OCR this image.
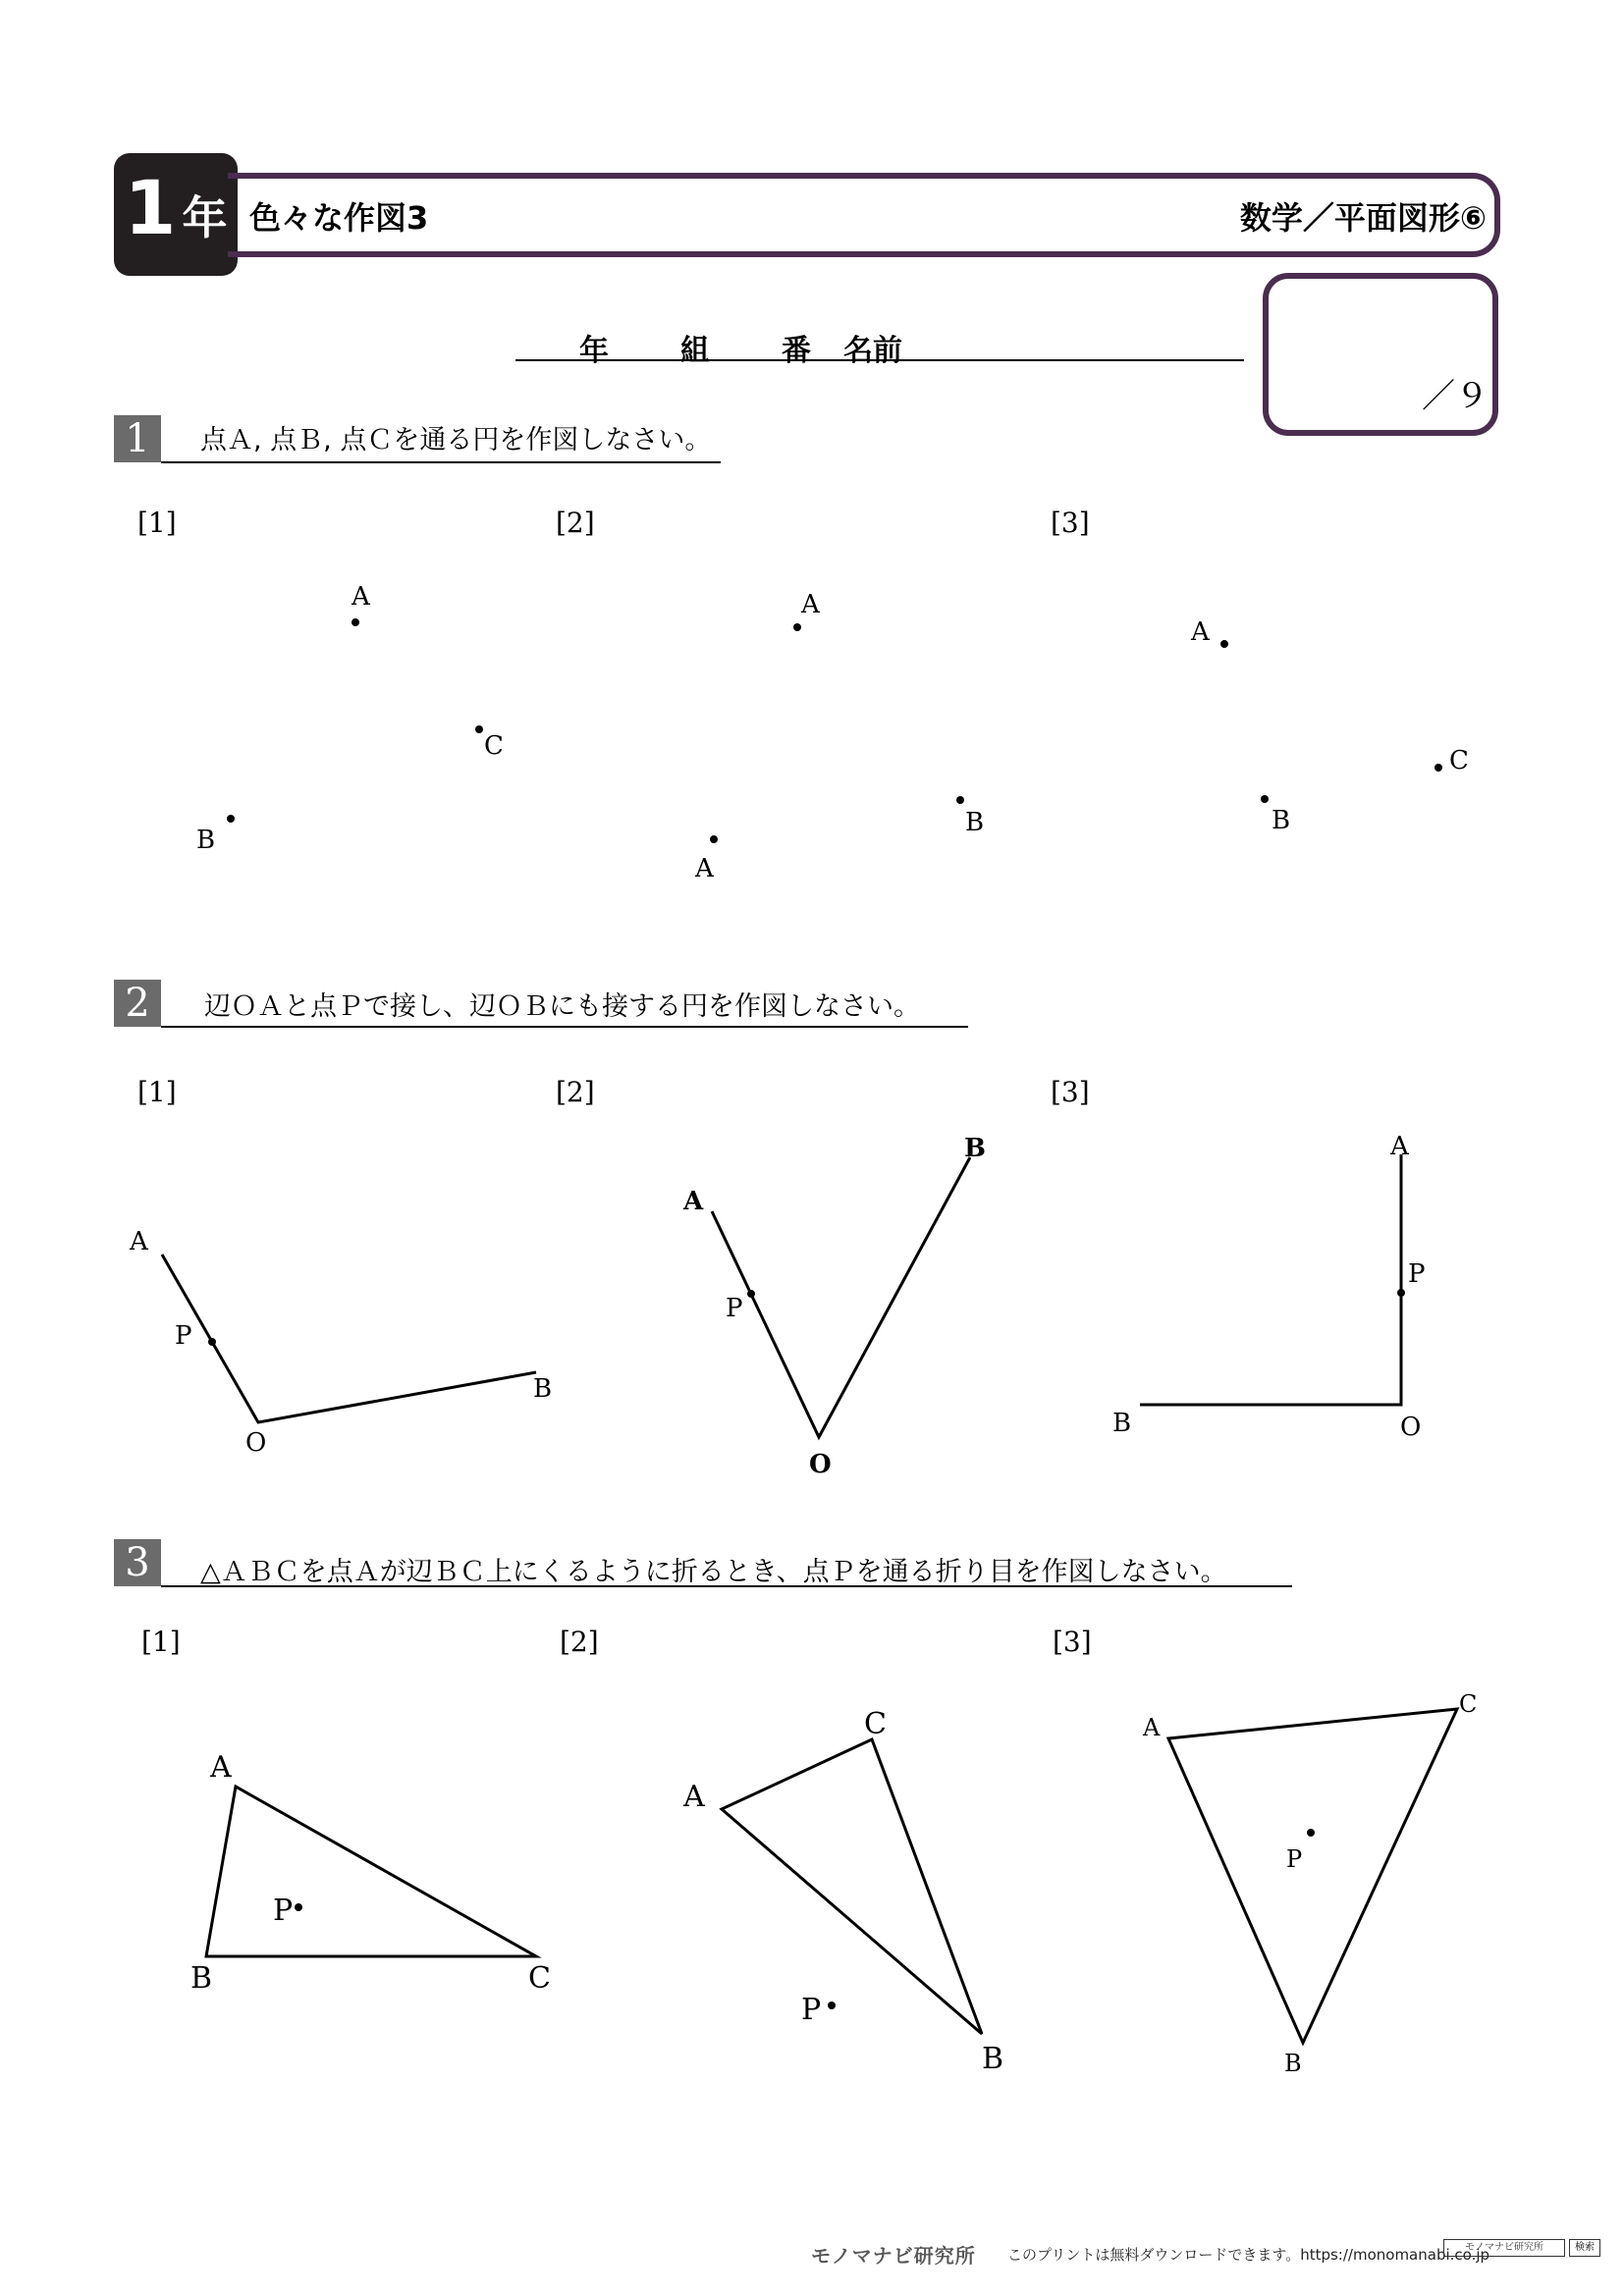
1 年 色々な作図3	数学／平面図形⑥
年 組 番 名前
／９
1	点Ａ, 点Ｂ, 点Ｃを通る円を作図しなさい。
[1]	[2]	[3]
2	辺ＯＡと点Ｐで接し、辺ＯＢにも接する円を作図しなさい。
[1]	[2]	[3]
3	△ＡＢＣを点Ａが辺ＢＣ上にくるように折るとき、点Ｐを通る折り目を作図しなさい。
[1]	[2]	[3]
A
C
B
A
B
A
A
C
B
A
P
O
B
A
P
O
B	A
P
B	O
A
P
B	C
A
C
P
B
A
C
P
B
モノマナビ研究所 このプリントは無料ダウンロードできます。https://monomanabi.co.jp
モノマナビ研究所	検索
